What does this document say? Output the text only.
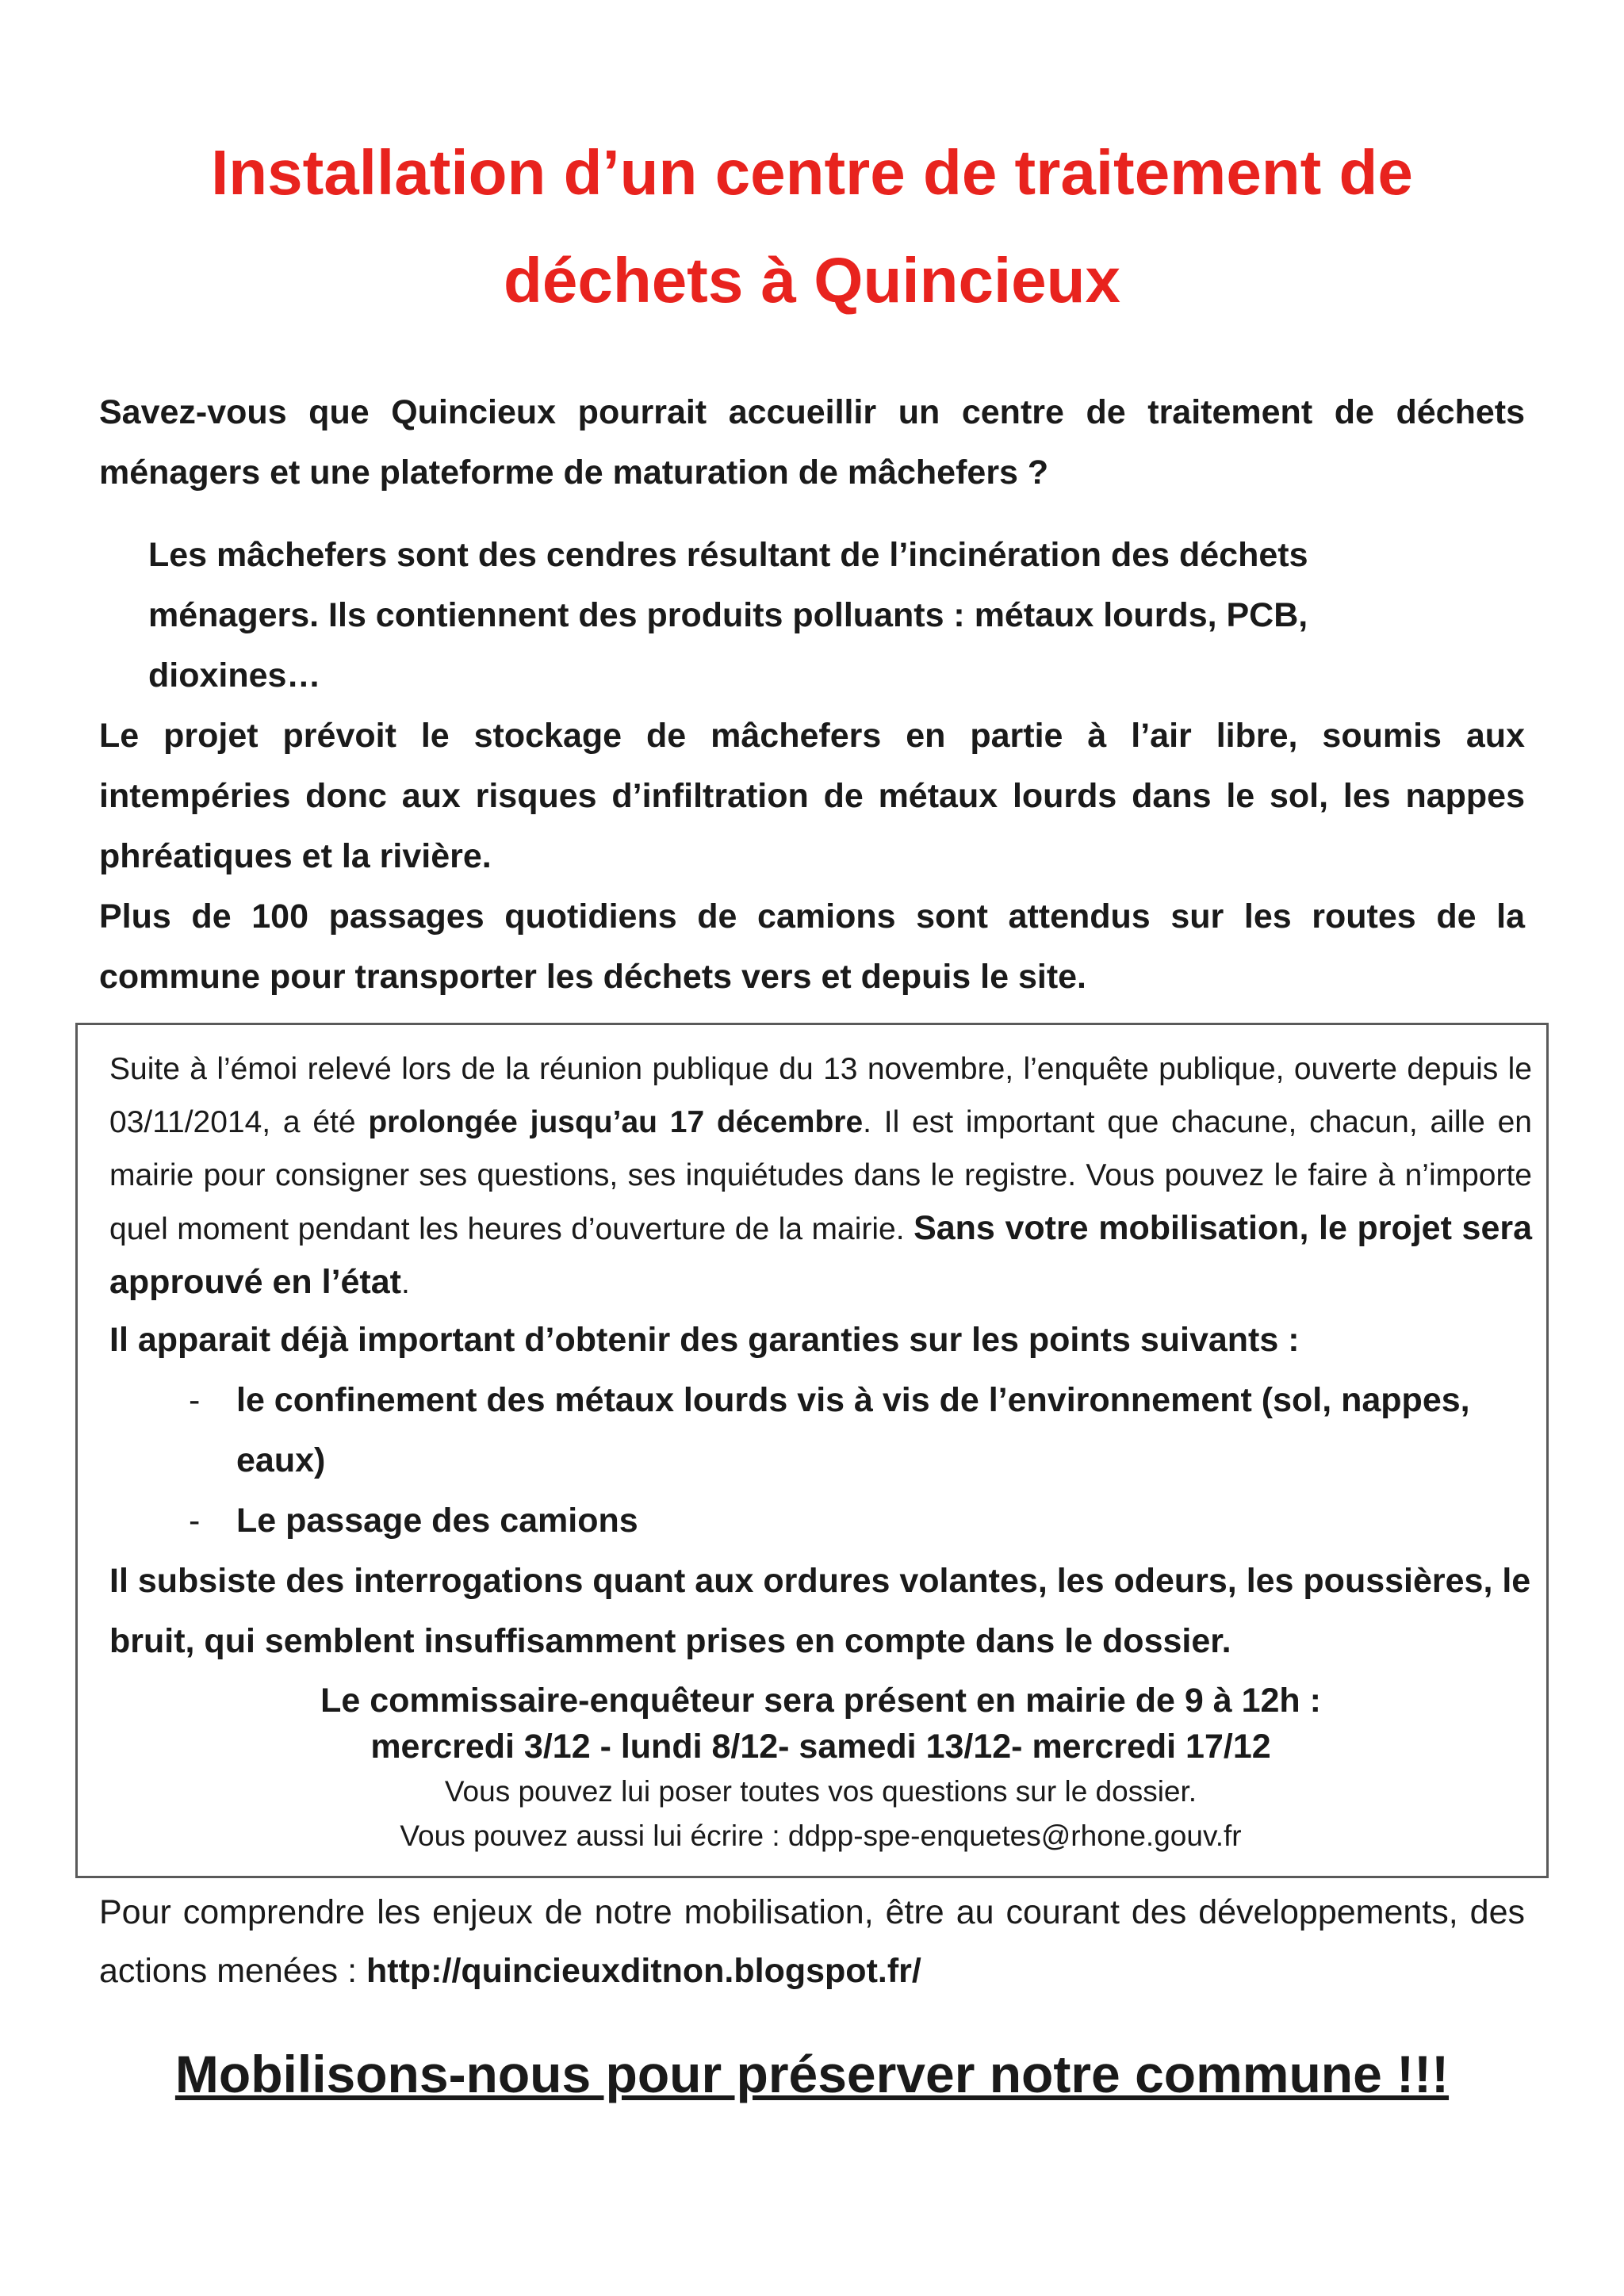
Installation d’un centre de traitement de
déchets à Quincieux

Savez-vous que Quincieux pourrait accueillir un centre de traitement de déchets ménagers et une plateforme de maturation de mâchefers ?

Les mâchefers sont des cendres résultant de l’incinération des déchets ménagers. Ils contiennent des produits polluants : métaux lourds, PCB, dioxines…

Le projet prévoit le stockage de mâchefers en partie à l’air libre, soumis aux intempéries donc aux risques d’infiltration de métaux lourds dans le sol, les nappes phréatiques et la rivière.

Plus de 100 passages quotidiens de camions sont attendus sur les routes de la commune pour transporter les déchets vers et depuis le site.

Suite à l’émoi relevé lors de la réunion publique du 13 novembre, l’enquête publique, ouverte depuis le 03/11/2014, a été prolongée jusqu’au 17 décembre. Il est important que chacune, chacun, aille en mairie pour consigner ses questions, ses inquiétudes dans le registre. Vous pouvez le faire à n’importe quel moment pendant les heures d’ouverture de la mairie. Sans votre mobilisation, le projet sera approuvé en l’état.

Il apparait déjà important d’obtenir des garanties sur les points suivants :

- le confinement des métaux lourds vis à vis de l’environnement (sol, nappes, eaux)
- Le passage des camions

Il subsiste des interrogations quant aux ordures volantes, les odeurs, les poussières, le bruit, qui semblent insuffisamment prises en compte dans le dossier.

Le commissaire-enquêteur sera présent en mairie de 9 à 12h :

mercredi 3/12 - lundi 8/12- samedi 13/12- mercredi 17/12

Vous pouvez lui poser toutes vos questions sur le dossier.

Vous pouvez aussi lui écrire : ddpp-spe-enquetes@rhone.gouv.fr

Pour comprendre les enjeux de notre mobilisation, être au courant des développements, des actions menées : http://quincieuxditnon.blogspot.fr/

Mobilisons-nous pour préserver notre commune !!!
